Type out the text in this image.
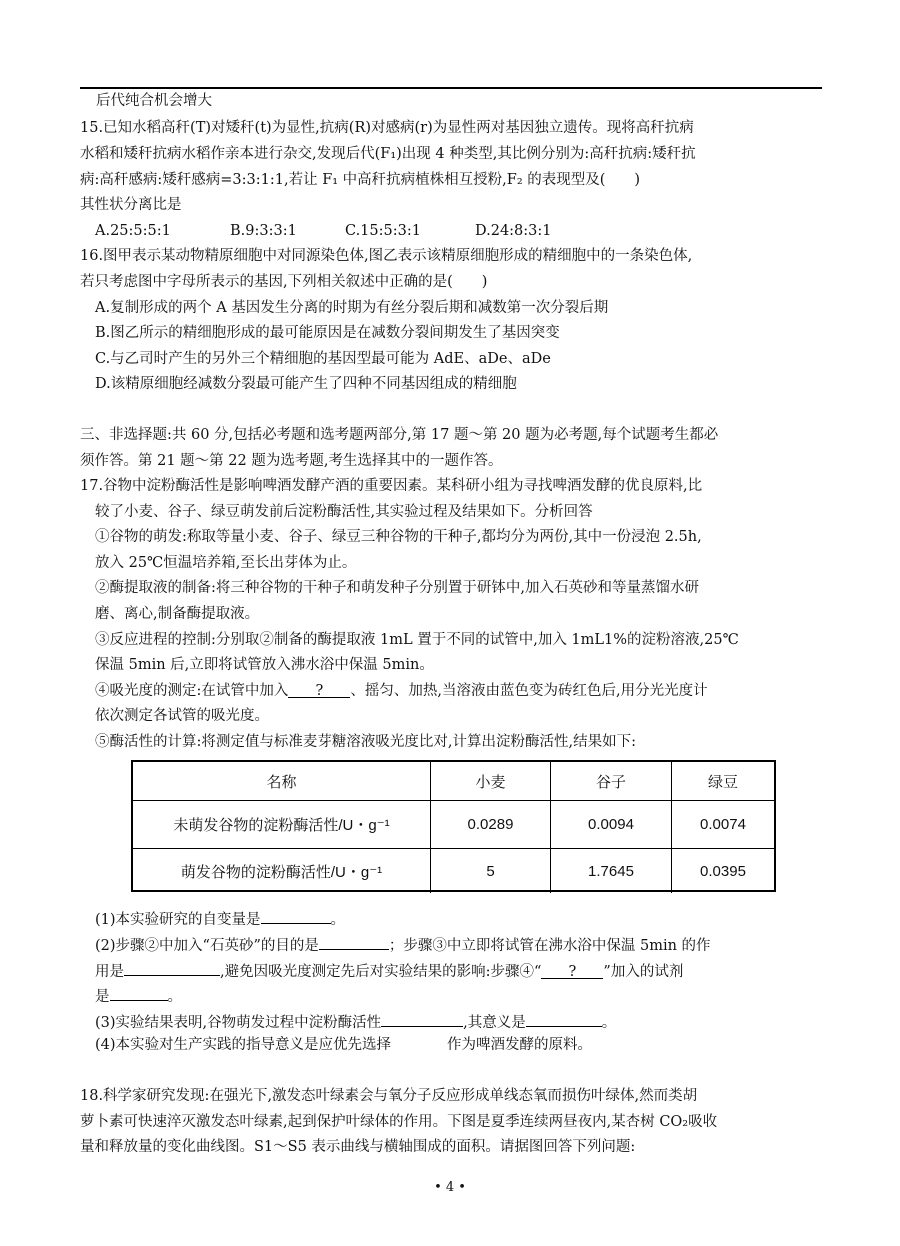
后代纯合机会增大
15.已知水稻高秆(T)对矮秆(t)为显性,抗病(R)对感病(r)为显性两对基因独立遗传。现将高秆抗病
水稻和矮秆抗病水稻作亲本进行杂交,发现后代(F₁)出现 4 种类型,其比例分别为:高秆抗病:矮秆抗
病:高秆感病:矮秆感病=3:3:1:1,若让 F₁ 中高秆抗病植株相互授粉,F₂ 的表现型及(　　)
其性状分离比是
A.25:5:5:1	B.9:3:3:1	C.15:5:3:1	D.24:8:3:1
16.图甲表示某动物精原细胞中对同源染色体,图乙表示该精原细胞形成的精细胞中的一条染色体,
若只考虑图中字母所表示的基因,下列相关叙述中正确的是(　　)
A.复制形成的两个 A 基因发生分离的时期为有丝分裂后期和减数第一次分裂后期
B.图乙所示的精细胞形成的最可能原因是在减数分裂间期发生了基因突变
C.与乙司时产生的另外三个精细胞的基因型最可能为 AdE、aDe、aDe
D.该精原细胞经减数分裂最可能产生了四种不同基因组成的精细胞
三、非选择题:共 60 分,包括必考题和选考题两部分,第 17 题～第 20 题为必考题,每个试题考生都必
须作答。第 21 题～第 22 题为选考题,考生选择其中的一题作答。
17.谷物中淀粉酶活性是影响啤酒发酵产酒的重要因素。某科研小组为寻找啤酒发酵的优良原料,比
较了小麦、谷子、绿豆萌发前后淀粉酶活性,其实验过程及结果如下。分析回答
①谷物的萌发:称取等量小麦、谷子、绿豆三种谷物的干种子,都均分为两份,其中一份浸泡 2.5h,
放入 25℃恒温培养箱,至长出芽体为止。
②酶提取液的制备:将三种谷物的干种子和萌发种子分别置于研钵中,加入石英砂和等量蒸馏水研
磨、离心,制备酶提取液。
③反应进程的控制:分别取②制备的酶提取液 1mL 置于不同的试管中,加入 1mL1%的淀粉溶液,25℃
保温 5min 后,立即将试管放入沸水浴中保温 5min。
④吸光度的测定:在试管中加入 ? 、摇匀、加热,当溶液由蓝色变为砖红色后,用分光光度计
依次测定各试管的吸光度。
⑤酶活性的计算:将测定值与标准麦芽糖溶液吸光度比对,计算出淀粉酶活性,结果如下:
名称	小麦	谷子	绿豆
未萌发谷物的淀粉酶活性/U・g⁻¹	0.0289	0.0094	0.0074
萌发谷物的淀粉酶活性/U・g⁻¹	5	1.7645	0.0395
(1)本实验研究的自变量是	。
(2)步骤②中加入“石英砂”的目的是	；步骤③中立即将试管在沸水浴中保温 5min 的作
用是	,避免因吸光度测定先后对实验结果的影响:步骤④“ ? ”加入的试剂
是	。
(3)实验结果表明,谷物萌发过程中淀粉酶活性	,其意义是	。
(4)本实验对生产实践的指导意义是应优先选择	作为啤酒发酵的原料。
18.科学家研究发现:在强光下,激发态叶绿素会与氧分子反应形成单线态氧而损伤叶绿体,然而类胡
萝卜素可快速淬灭激发态叶绿素,起到保护叶绿体的作用。下图是夏季连续两昼夜内,某杏树 CO₂吸收
量和释放量的变化曲线图。S1～S5 表示曲线与横轴围成的面积。请据图回答下列问题:
• 4 •
